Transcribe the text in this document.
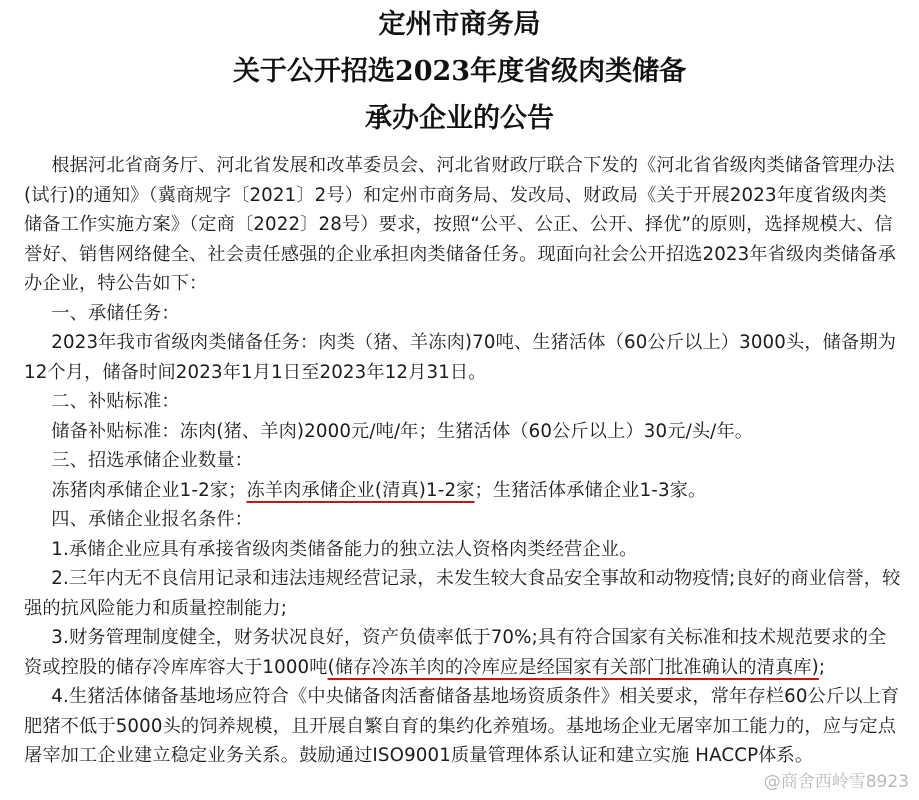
定州市商务局
关于公开招选2023年度省级肉类储备
承办企业的公告

根据河北省商务厅、河北省发展和改革委员会、河北省财政厅联合下发的《河北省省级肉类储备管理办法(试行)的通知》（冀商规字〔2021〕2号）和定州市商务局、发改局、财政局《关于开展2023年度省级肉类储备工作实施方案》（定商〔2022〕28号）要求，按照“公平、公正、公开、择优”的原则，选择规模大、信誉好、销售网络健全、社会责任感强的企业承担肉类储备任务。现面向社会公开招选2023年省级肉类储备承办企业，特公告如下：

一、承储任务：

2023年我市省级肉类储备任务：肉类（猪、羊冻肉)70吨、生猪活体（60公斤以上）3000头，储备期为12个月，储备时间2023年1月1日至2023年12月31日。

二、补贴标准：

储备补贴标准：冻肉(猪、羊肉)2000元/吨/年；生猪活体（60公斤以上）30元/头/年。

三、招选承储企业数量：

冻猪肉承储企业1-2家；冻羊肉承储企业(清真)1-2家；生猪活体承储企业1-3家。

四、承储企业报名条件：

1.承储企业应具有承接省级肉类储备能力的独立法人资格肉类经营企业。

2.三年内无不良信用记录和违法违规经营记录，未发生较大食品安全事故和动物疫情;良好的商业信誉，较强的抗风险能力和质量控制能力;

3.财务管理制度健全，财务状况良好，资产负债率低于70%;具有符合国家有关标准和技术规范要求的全资或控股的储存冷库库容大于1000吨(储存冷冻羊肉的冷库应是经国家有关部门批准确认的清真库);

4.生猪活体储备基地场应符合《中央储备肉活畜储备基地场资质条件》相关要求，常年存栏60公斤以上育肥猪不低于5000头的饲养规模，且开展自繁自育的集约化养殖场。基地场企业无屠宰加工能力的，应与定点屠宰加工企业建立稳定业务关系。鼓励通过ISO9001质量管理体系认证和建立实施 HACCP体系。

@商舍西岭雪8923
